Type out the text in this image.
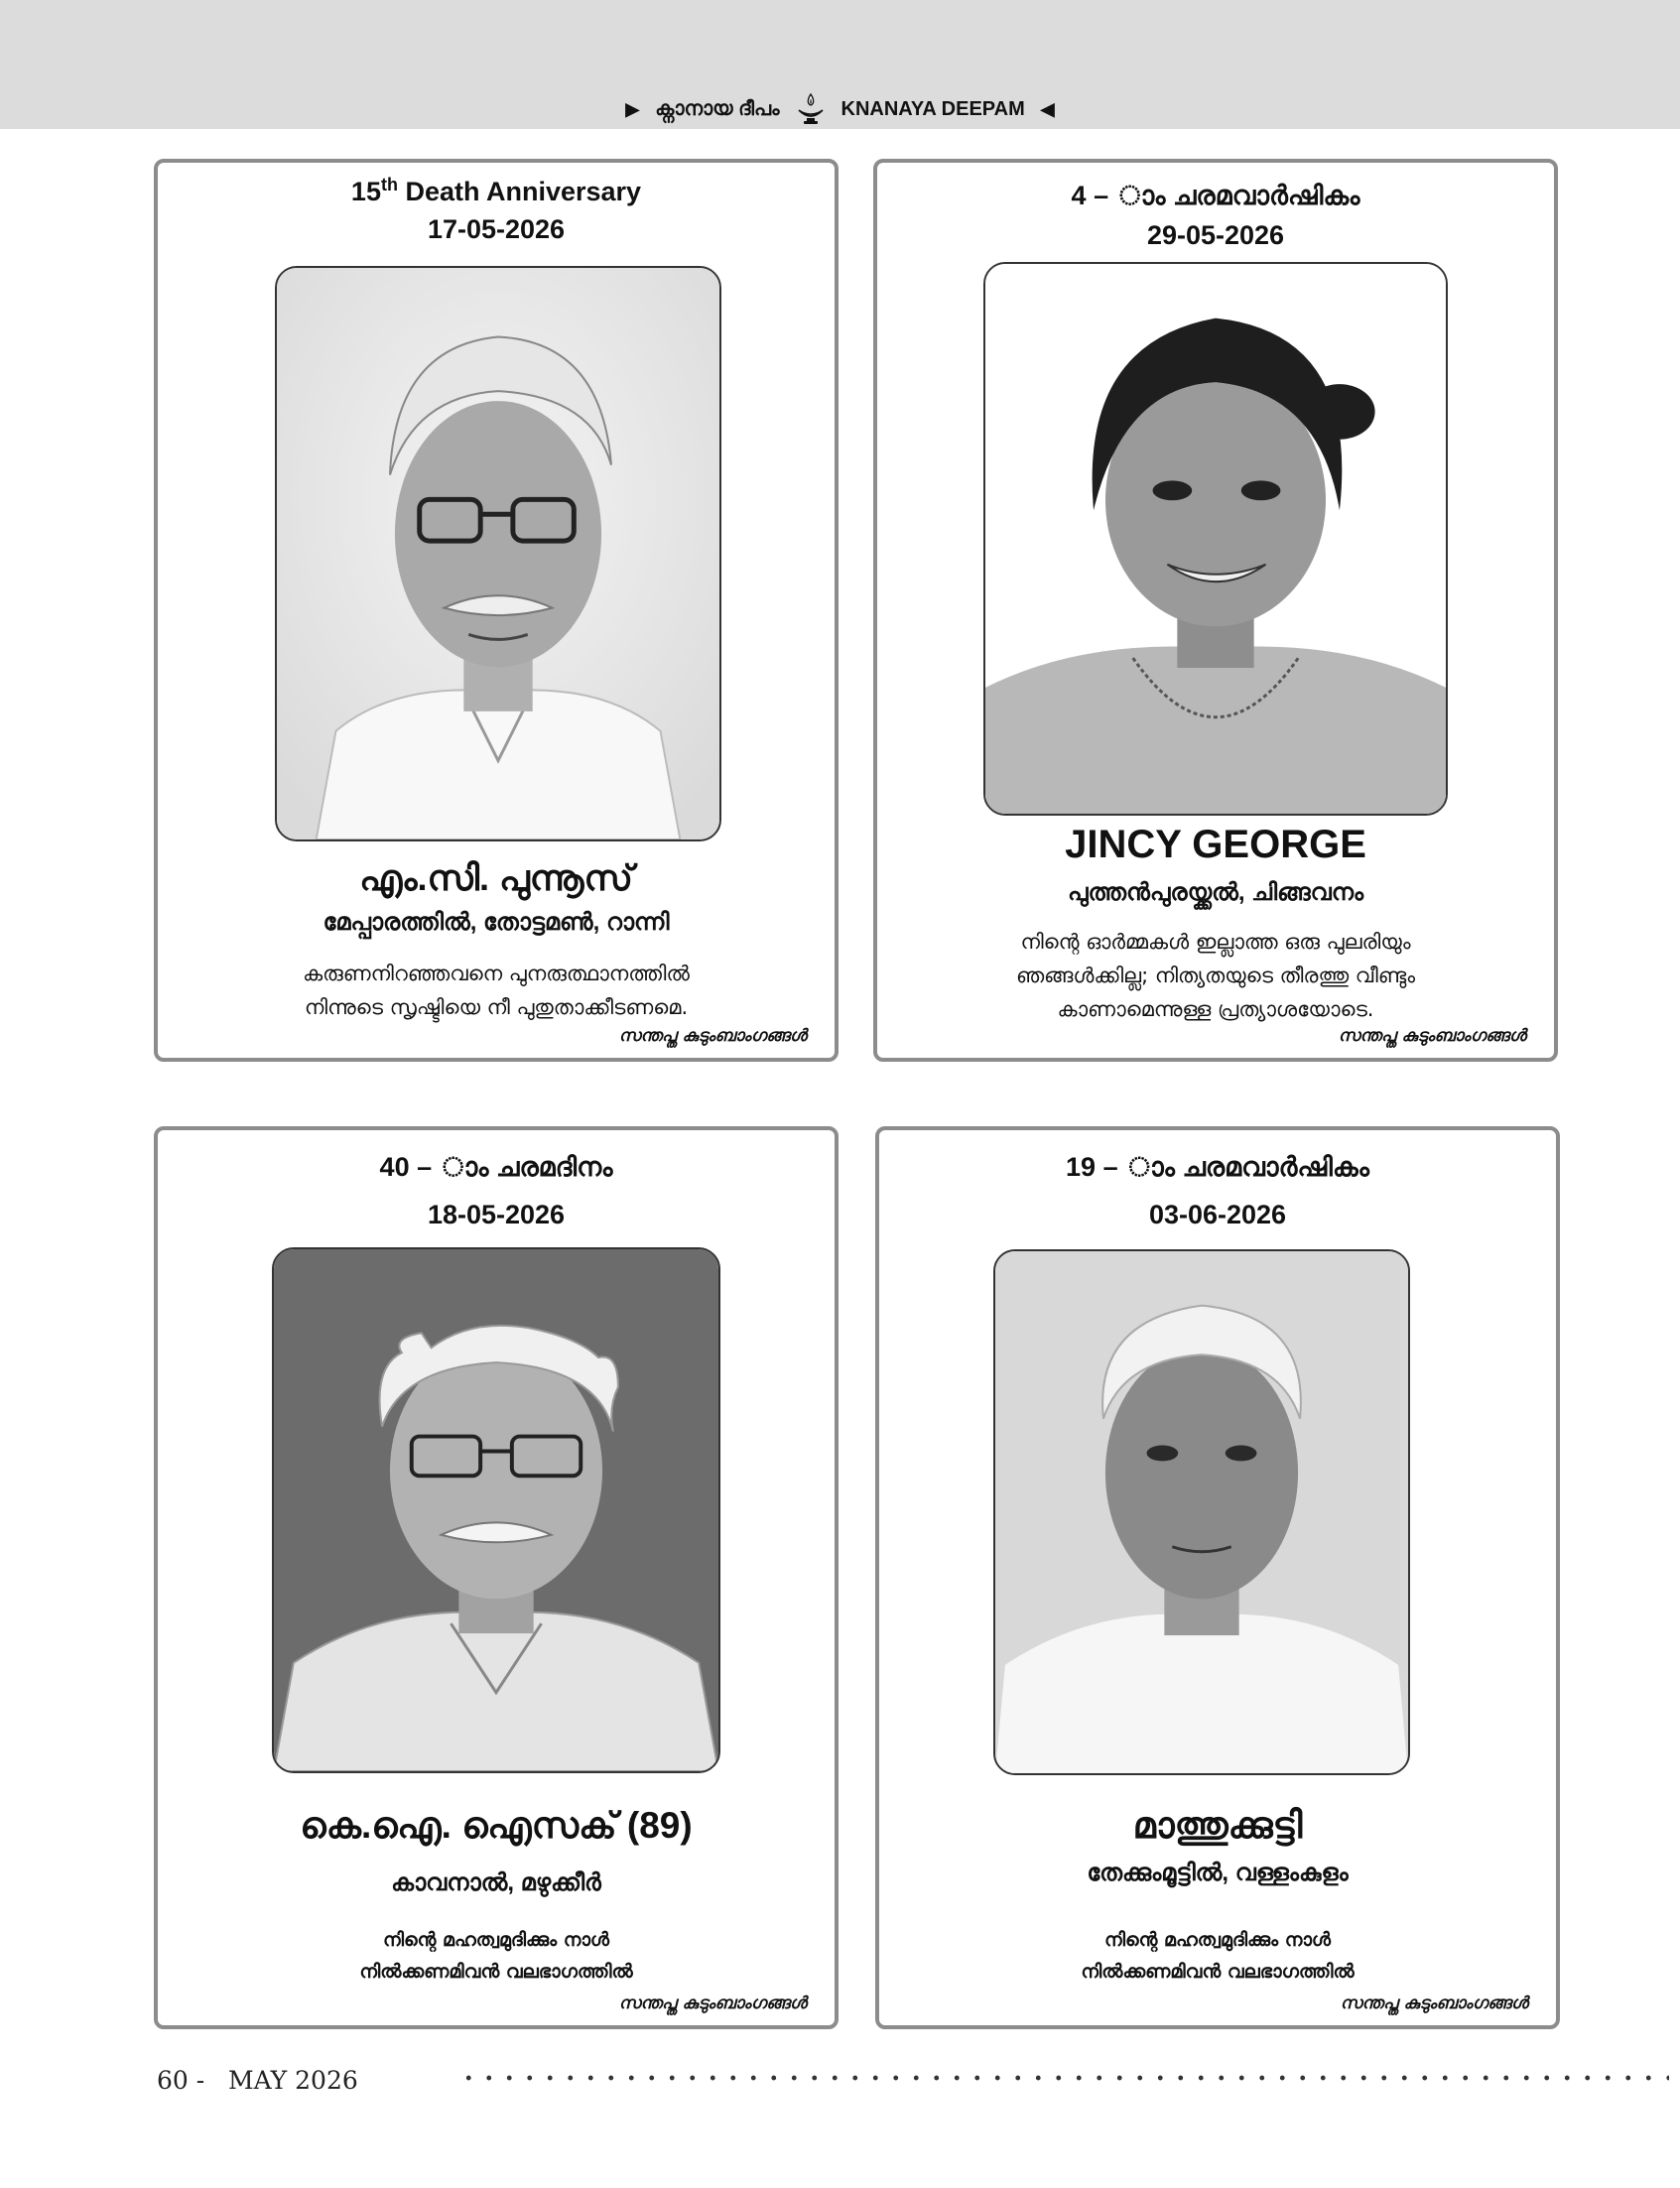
▶ ക്നാനായ ദീപം	KNANAYA DEEPAM ◀
15th Death Anniversary
17-05-2026
എം.സി. പുന്നൂസ്
മേപ്പാരത്തിൽ, തോട്ടമൺ, റാന്നി
കരുണനിറഞ്ഞവനെ പുനരുത്ഥാനത്തിൽ
നിന്നുടെ സൃഷ്ടിയെ നീ പുതുതാക്കീടണമെ.
സന്തപ്ത കുടുംബാംഗങ്ങൾ
4 – ാം ചരമവാർഷികം
29-05-2026
JINCY GEORGE
പുത്തൻപുരയ്ക്കൽ, ചിങ്ങവനം
നിന്റെ ഓർമ്മകൾ ഇല്ലാത്ത ഒരു പുലരിയും
ഞങ്ങൾക്കില്ല; നിത്യതയുടെ തീരത്തു വീണ്ടും
കാണാമെന്നുള്ള പ്രത്യാശയോടെ.
സന്തപ്ത കുടുംബാംഗങ്ങൾ
40 – ാം ചരമദിനം
18-05-2026
കെ.ഐ. ഐസക് (89)
കാവനാൽ, മഴുക്കീർ
നിന്റെ മഹത്വമുദിക്കും നാൾ
നിൽക്കണമിവൻ വലഭാഗത്തിൽ
സന്തപ്ത കുടുംബാംഗങ്ങൾ
19 – ാം ചരമവാർഷികം
03-06-2026
മാത്തുക്കുട്ടി
തേക്കുംമൂട്ടിൽ, വള്ളംകുളം
നിന്റെ മഹത്വമുദിക്കും നാൾ
നിൽക്കണമിവൻ വലഭാഗത്തിൽ
സന്തപ്ത കുടുംബാംഗങ്ങൾ
60 -   MAY 2026
